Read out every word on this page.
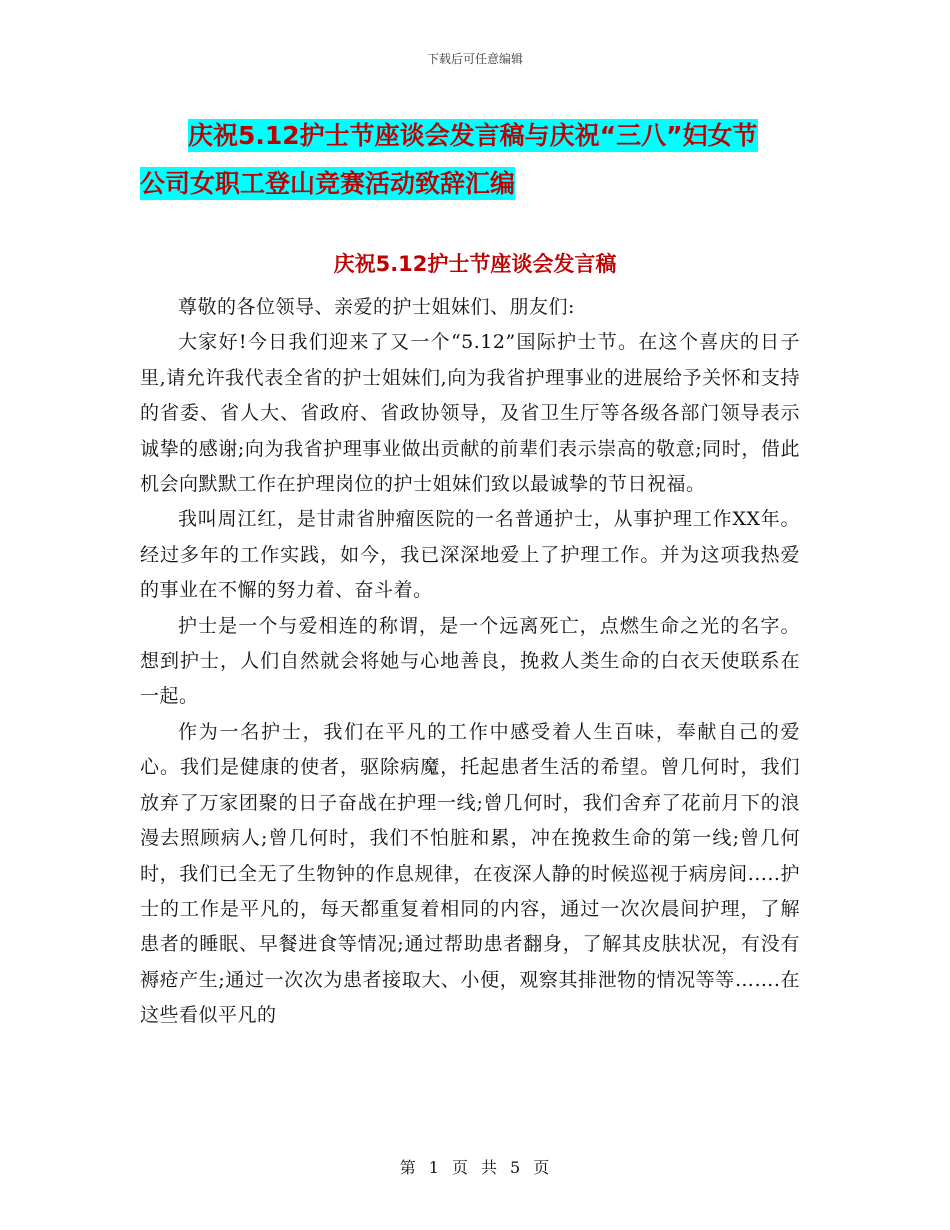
下载后可任意编辑
庆祝5.12护士节座谈会发言稿与庆祝“三八”妇女节
公司女职工登山竞赛活动致辞汇编
庆祝5.12护士节座谈会发言稿

尊敬的各位领导、亲爱的护士姐妹们、朋友们:

大家好!今日我们迎来了又一个“5.12”国际护士节。在这个喜庆的日子里,请允许我代表全省的护士姐妹们,向为我省护理事业的进展给予关怀和支持的省委、省人大、省政府、省政协领导，及省卫生厅等各级各部门领导表示诚挚的感谢;向为我省护理事业做出贡献的前辈们表示崇高的敬意;同时，借此机会向默默工作在护理岗位的护士姐妹们致以最诚挚的节日祝福。

我叫周江红，是甘肃省肿瘤医院的一名普通护士，从事护理工作XX年。经过多年的工作实践，如今，我已深深地爱上了护理工作。并为这项我热爱的事业在不懈的努力着、奋斗着。

护士是一个与爱相连的称谓，是一个远离死亡，点燃生命之光的名字。想到护士，人们自然就会将她与心地善良，挽救人类生命的白衣天使联系在一起。

作为一名护士，我们在平凡的工作中感受着人生百味，奉献自己的爱心。我们是健康的使者，驱除病魔，托起患者生活的希望。曾几何时，我们放弃了万家团聚的日子奋战在护理一线;曾几何时，我们舍弃了花前月下的浪漫去照顾病人;曾几何时，我们不怕脏和累，冲在挽救生命的第一线;曾几何时，我们已全无了生物钟的作息规律，在夜深人静的时候巡视于病房间.....护士的工作是平凡的，每天都重复着相同的内容，通过一次次晨间护理，了解患者的睡眠、早餐进食等情况;通过帮助患者翻身，了解其皮肤状况，有没有褥疮产生;通过一次次为患者接取大、小便，观察其排泄物的情况等等…….在这些看似平凡的

第 1 页 共 5 页
